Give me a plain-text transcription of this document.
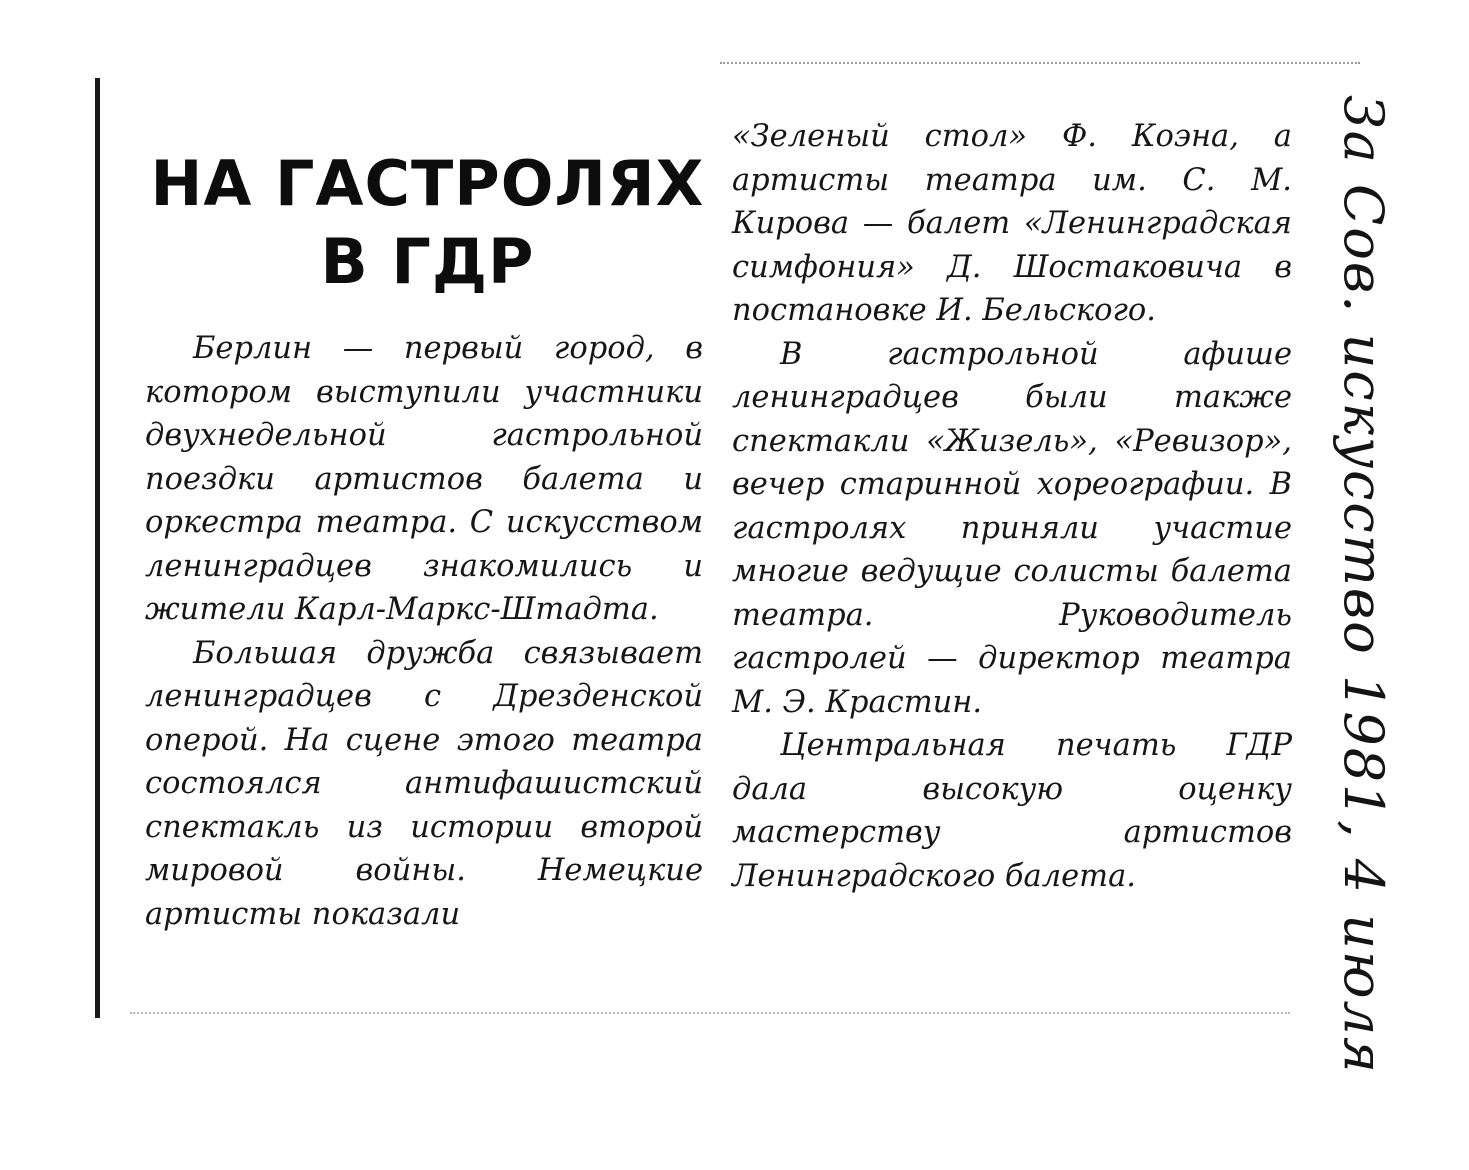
НА ГАСТРОЛЯХ
В ГДР

Берлин — первый город, в котором выступили участники двухнедельной гастрольной поездки артистов балета и оркестра театра. С искусством ленинградцев знакомились и жители Карл-Маркс-Штадта.

Большая дружба связывает ленинградцев с Дрезденской оперой. На сцене этого театра состоялся антифашистский спектакль из истории второй мировой войны. Немецкие артисты показали

«Зеленый стол» Ф. Коэна, а артисты театра им. С. М. Кирова — балет «Ленинградская симфония» Д. Шостаковича в постановке И. Бельского.

В гастрольной афише ленинградцев были также спектакли «Жизель», «Ревизор», вечер старинной хореографии. В гастролях приняли участие многие ведущие солисты балета театра. Руководитель гастролей — директор театра М. Э. Крастин.

Центральная печать ГДР дала высокую оценку мастерству артистов Ленинградского балета.	За Сов. искусство 1981, 4 июля
